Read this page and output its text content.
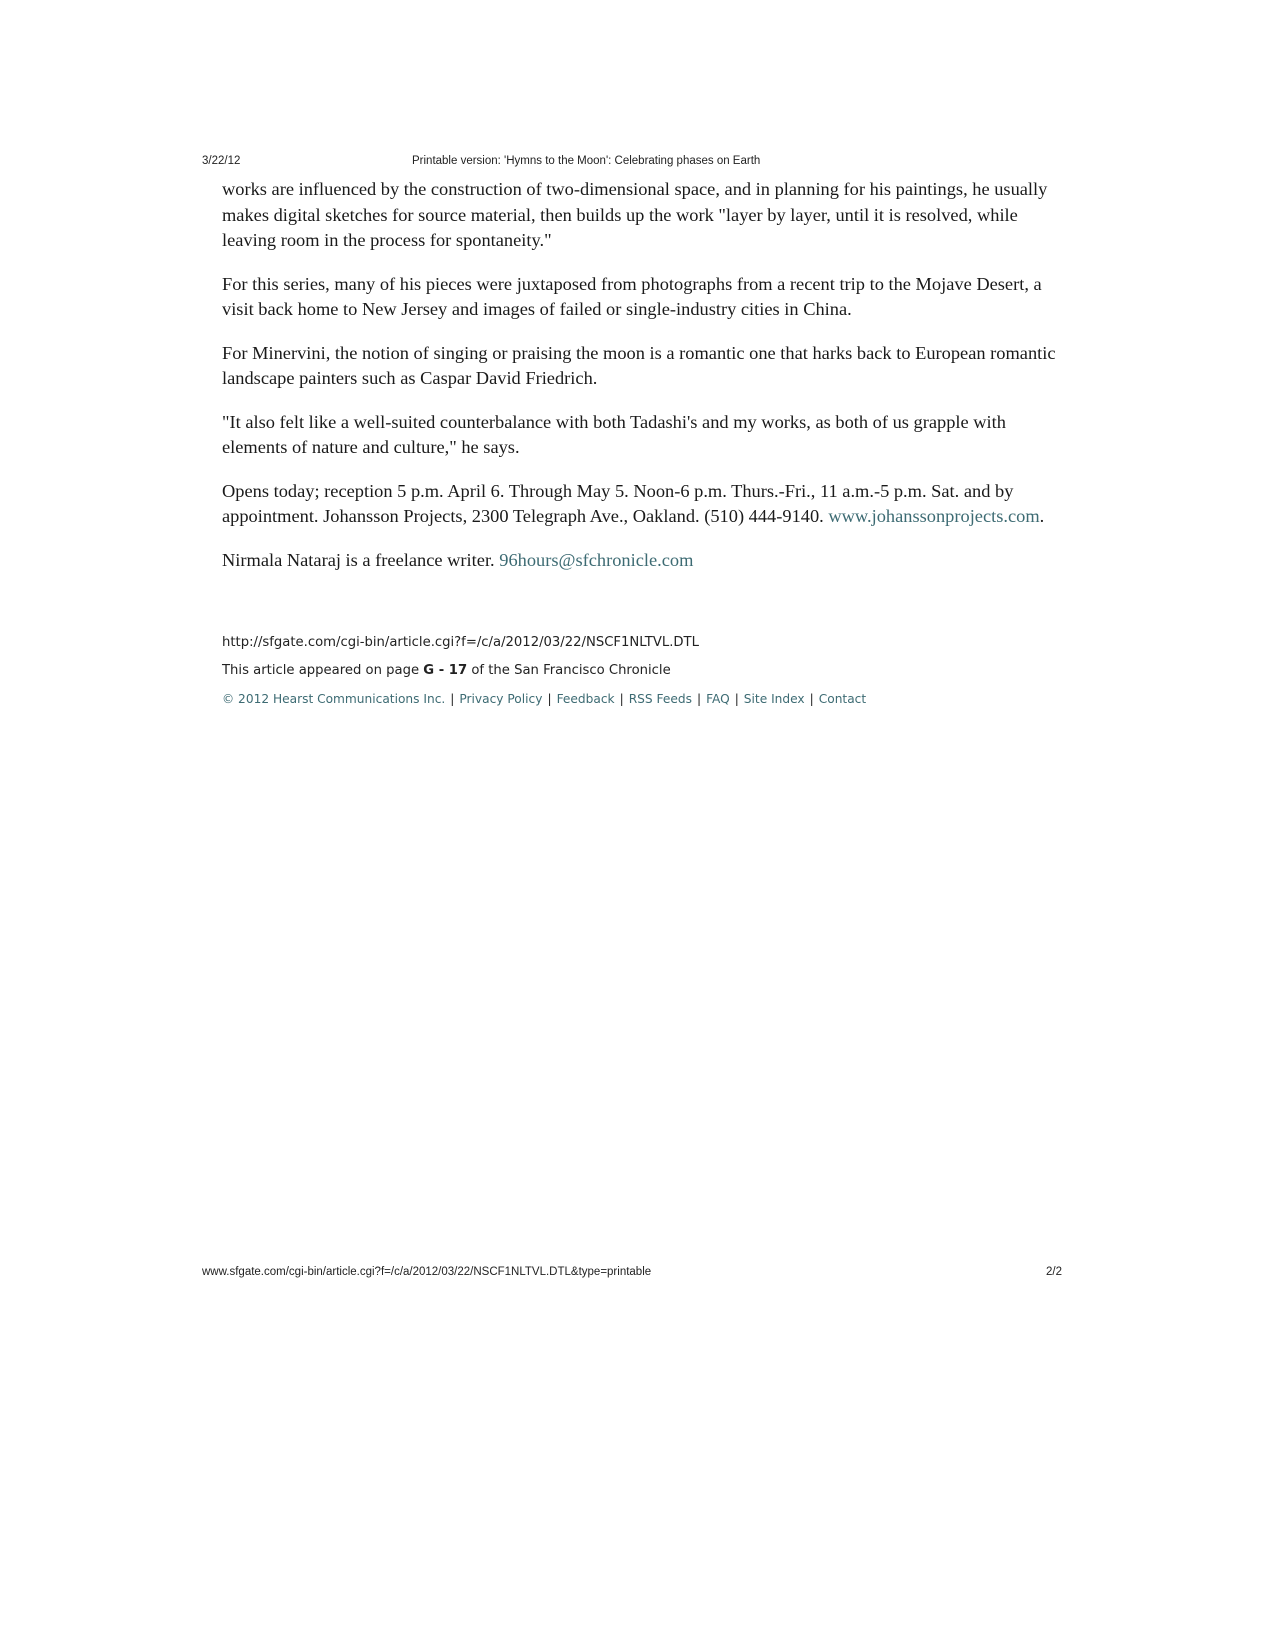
3/22/12	Printable version: 'Hymns to the Moon': Celebrating phases on Earth

works are influenced by the construction of two-dimensional space, and in planning for his paintings, he usually makes digital sketches for source material, then builds up the work "layer by layer, until it is resolved, while leaving room in the process for spontaneity."

For this series, many of his pieces were juxtaposed from photographs from a recent trip to the Mojave Desert, a visit back home to New Jersey and images of failed or single-industry cities in China.

For Minervini, the notion of singing or praising the moon is a romantic one that harks back to European romantic landscape painters such as Caspar David Friedrich.

"It also felt like a well-suited counterbalance with both Tadashi's and my works, as both of us grapple with elements of nature and culture," he says.

Opens today; reception 5 p.m. April 6. Through May 5. Noon-6 p.m. Thurs.-Fri., 11 a.m.-5 p.m. Sat. and by appointment. Johansson Projects, 2300 Telegraph Ave., Oakland. (510) 444-9140. www.johanssonprojects.com.

Nirmala Nataraj is a freelance writer. 96hours@sfchronicle.com

http://sfgate.com/cgi-bin/article.cgi?f=/c/a/2012/03/22/NSCF1NLTVL.DTL
This article appeared on page G - 17 of the San Francisco Chronicle
© 2012 Hearst Communications Inc. | Privacy Policy | Feedback | RSS Feeds | FAQ | Site Index | Contact
www.sfgate.com/cgi-bin/article.cgi?f=/c/a/2012/03/22/NSCF1NLTVL.DTL&type=printable	2/2
